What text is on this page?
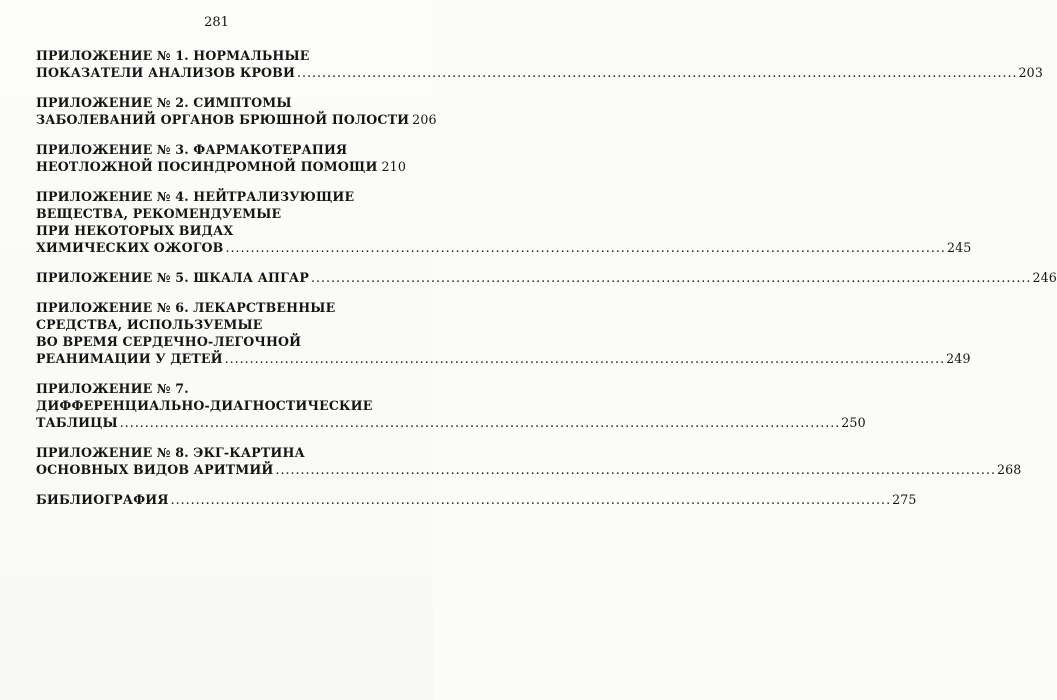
281
ПРИЛОЖЕНИЕ № 1. НОРМАЛЬНЫЕ
ПОКАЗАТЕЛИ АНАЛИЗОВ КРОВИ .....	203
ПРИЛОЖЕНИЕ № 2. СИМПТОМЫ
ЗАБОЛЕВАНИЙ ОРГАНОВ БРЮШНОЙ ПОЛОСТИ 206
ПРИЛОЖЕНИЕ № 3. ФАРМАКОТЕРАПИЯ
НЕОТЛОЖНОЙ ПОСИНДРОМНОЙ ПОМОЩИ ..... 210
ПРИЛОЖЕНИЕ № 4. НЕЙТРАЛИЗУЮЩИЕ
ВЕЩЕСТВА, РЕКОМЕНДУЕМЫЕ
ПРИ НЕКОТОРЫХ ВИДАХ
ХИМИЧЕСКИХ ОЖОГОВ .....	245
ПРИЛОЖЕНИЕ № 5. ШКАЛА АПГАР .....	246
ПРИЛОЖЕНИЕ № 6. ЛЕКАРСТВЕННЫЕ
СРЕДСТВА, ИСПОЛЬЗУЕМЫЕ
ВО ВРЕМЯ СЕРДЕЧНО-ЛЕГОЧНОЙ
РЕАНИМАЦИИ У ДЕТЕЙ .....	249
ПРИЛОЖЕНИЕ № 7.
ДИФФЕРЕНЦИАЛЬНО-ДИАГНОСТИЧЕСКИЕ
ТАБЛИЦЫ .....	250
ПРИЛОЖЕНИЕ № 8. ЭКГ-КАРТИНА
ОСНОВНЫХ ВИДОВ АРИТМИЙ .....	268
БИБЛИОГРАФИЯ .....	275
